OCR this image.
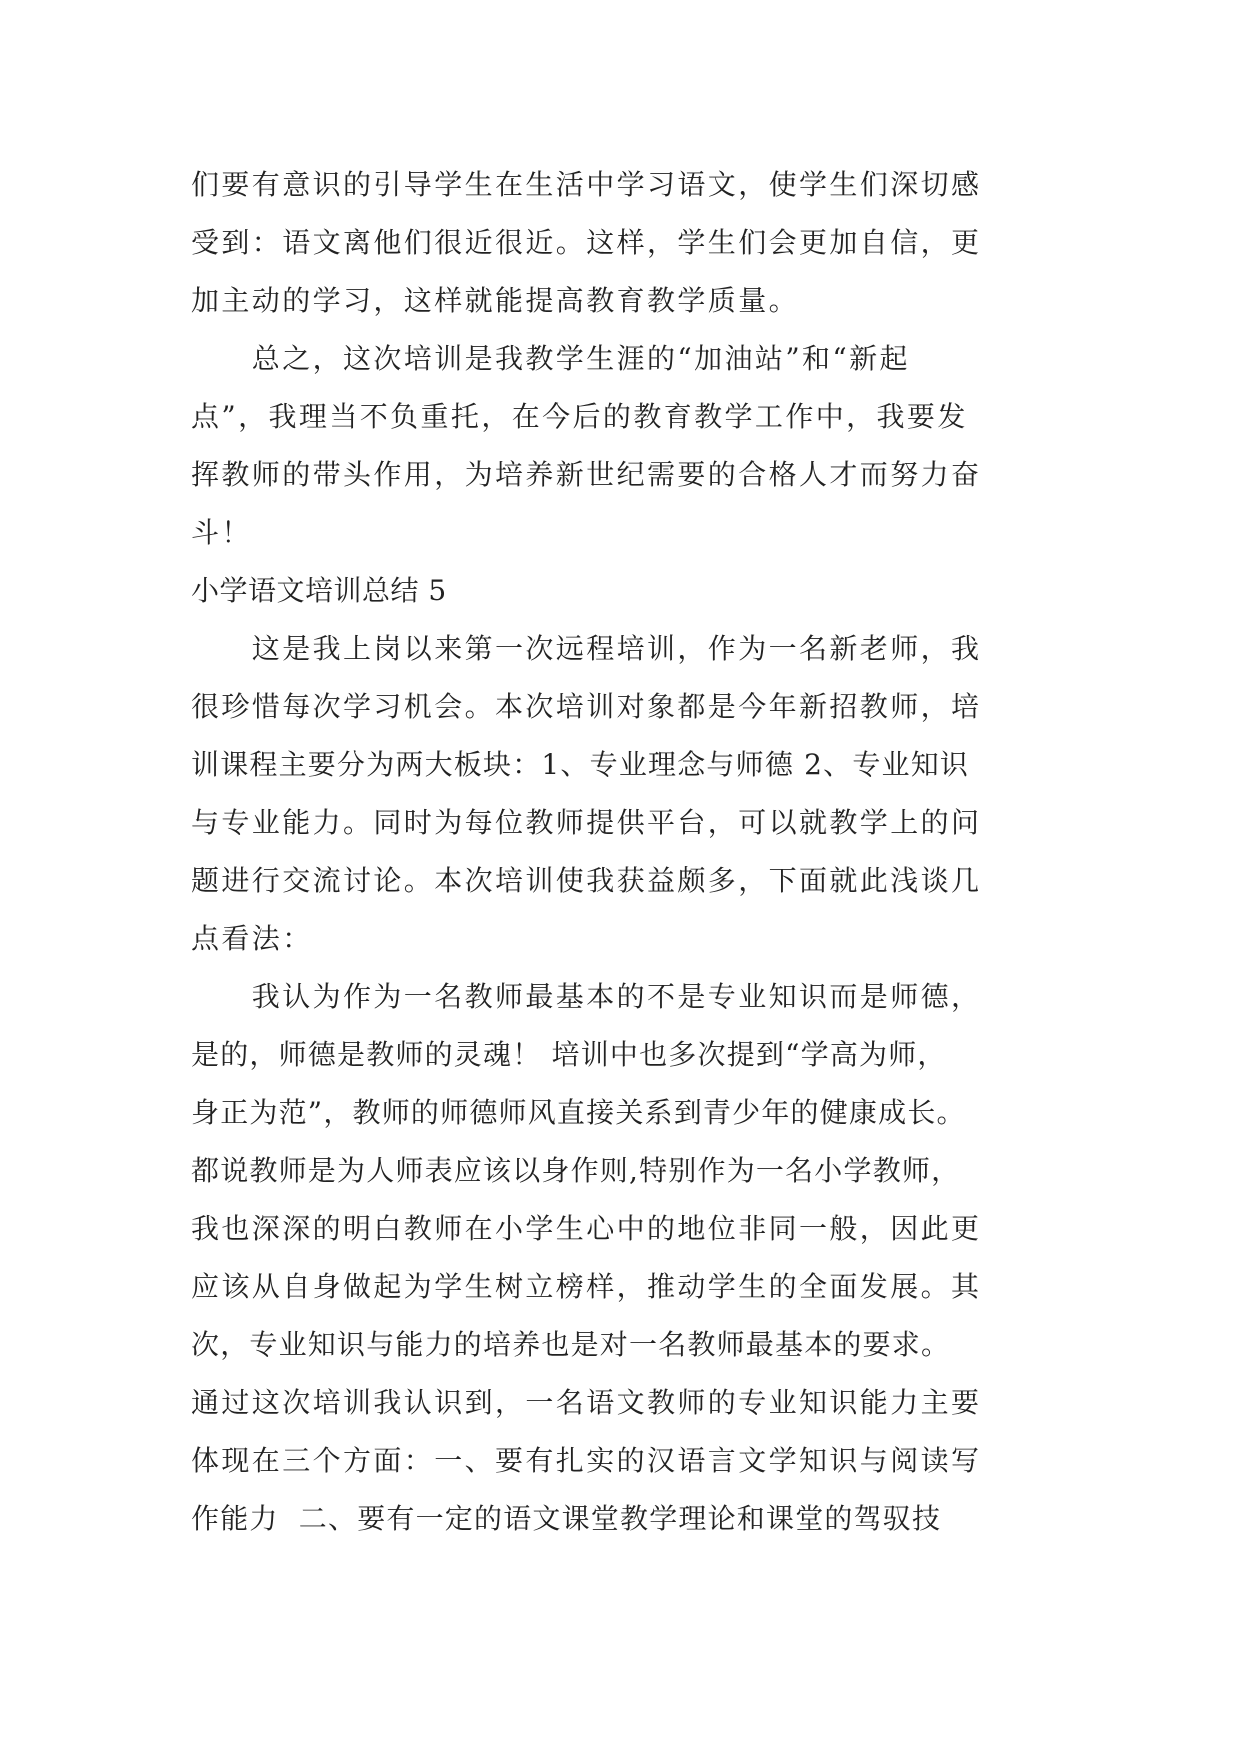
们要有意识的引导学生在生活中学习语文，使学生们深切感
受到：语文离他们很近很近。这样，学生们会更加自信，更
加主动的学习，这样就能提高教育教学质量。
　　总之，这次培训是我教学生涯的“加油站”和“新起
点”，我理当不负重托，在今后的教育教学工作中，我要发
挥教师的带头作用，为培养新世纪需要的合格人才而努力奋
斗！
小学语文培训总结 5
　　这是我上岗以来第一次远程培训，作为一名新老师，我
很珍惜每次学习机会。本次培训对象都是今年新招教师，培
训课程主要分为两大板块：1、专业理念与师德 2、专业知识
与专业能力。同时为每位教师提供平台，可以就教学上的问
题进行交流讨论。本次培训使我获益颇多，下面就此浅谈几
点看法：
　　我认为作为一名教师最基本的不是专业知识而是师德，
是的，师德是教师的灵魂！ 培训中也多次提到“学高为师，
身正为范”，教师的师德师风直接关系到青少年的健康成长。
都说教师是为人师表应该以身作则,特别作为一名小学教师，
我也深深的明白教师在小学生心中的地位非同一般，因此更
应该从自身做起为学生树立榜样，推动学生的全面发展。其
次，专业知识与能力的培养也是对一名教师最基本的要求。
通过这次培训我认识到，一名语文教师的专业知识能力主要
体现在三个方面：一、要有扎实的汉语言文学知识与阅读写
作能力  二、要有一定的语文课堂教学理论和课堂的驾驭技
